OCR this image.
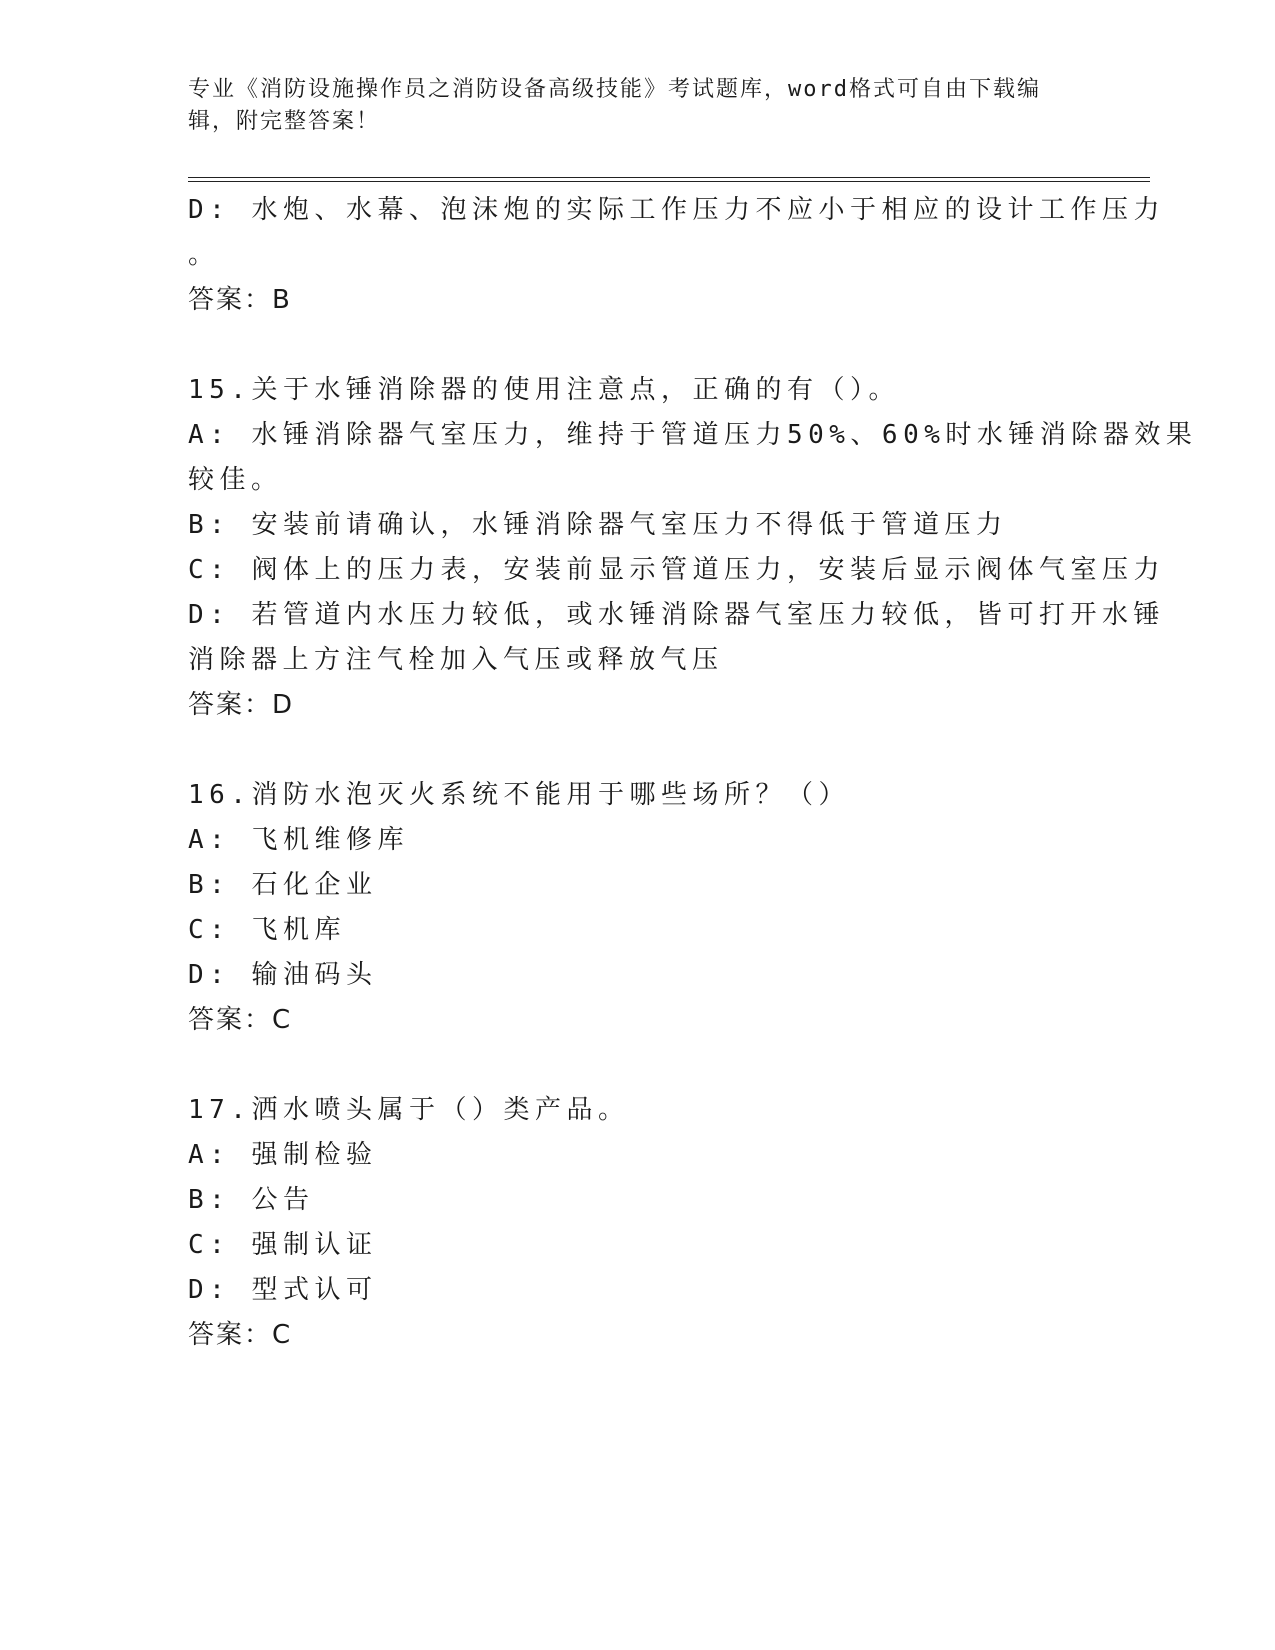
专业《消防设施操作员之消防设备高级技能》考试题库，word格式可自由下载编
辑，附完整答案！
D: 水炮、水幕、泡沫炮的实际工作压力不应小于相应的设计工作压力
。
答案：B
15.关于水锤消除器的使用注意点，正确的有（）。
A: 水锤消除器气室压力，维持于管道压力50%、60%时水锤消除器效果
较佳。
B: 安装前请确认，水锤消除器气室压力不得低于管道压力
C: 阀体上的压力表，安装前显示管道压力，安装后显示阀体气室压力
D: 若管道内水压力较低，或水锤消除器气室压力较低，皆可打开水锤
消除器上方注气栓加入气压或释放气压
答案：D
16.消防水泡灭火系统不能用于哪些场所？（）
A: 飞机维修库
B: 石化企业
C: 飞机库
D: 输油码头
答案：C
17.洒水喷头属于（）类产品。
A: 强制检验
B: 公告
C: 强制认证
D: 型式认可
答案：C
